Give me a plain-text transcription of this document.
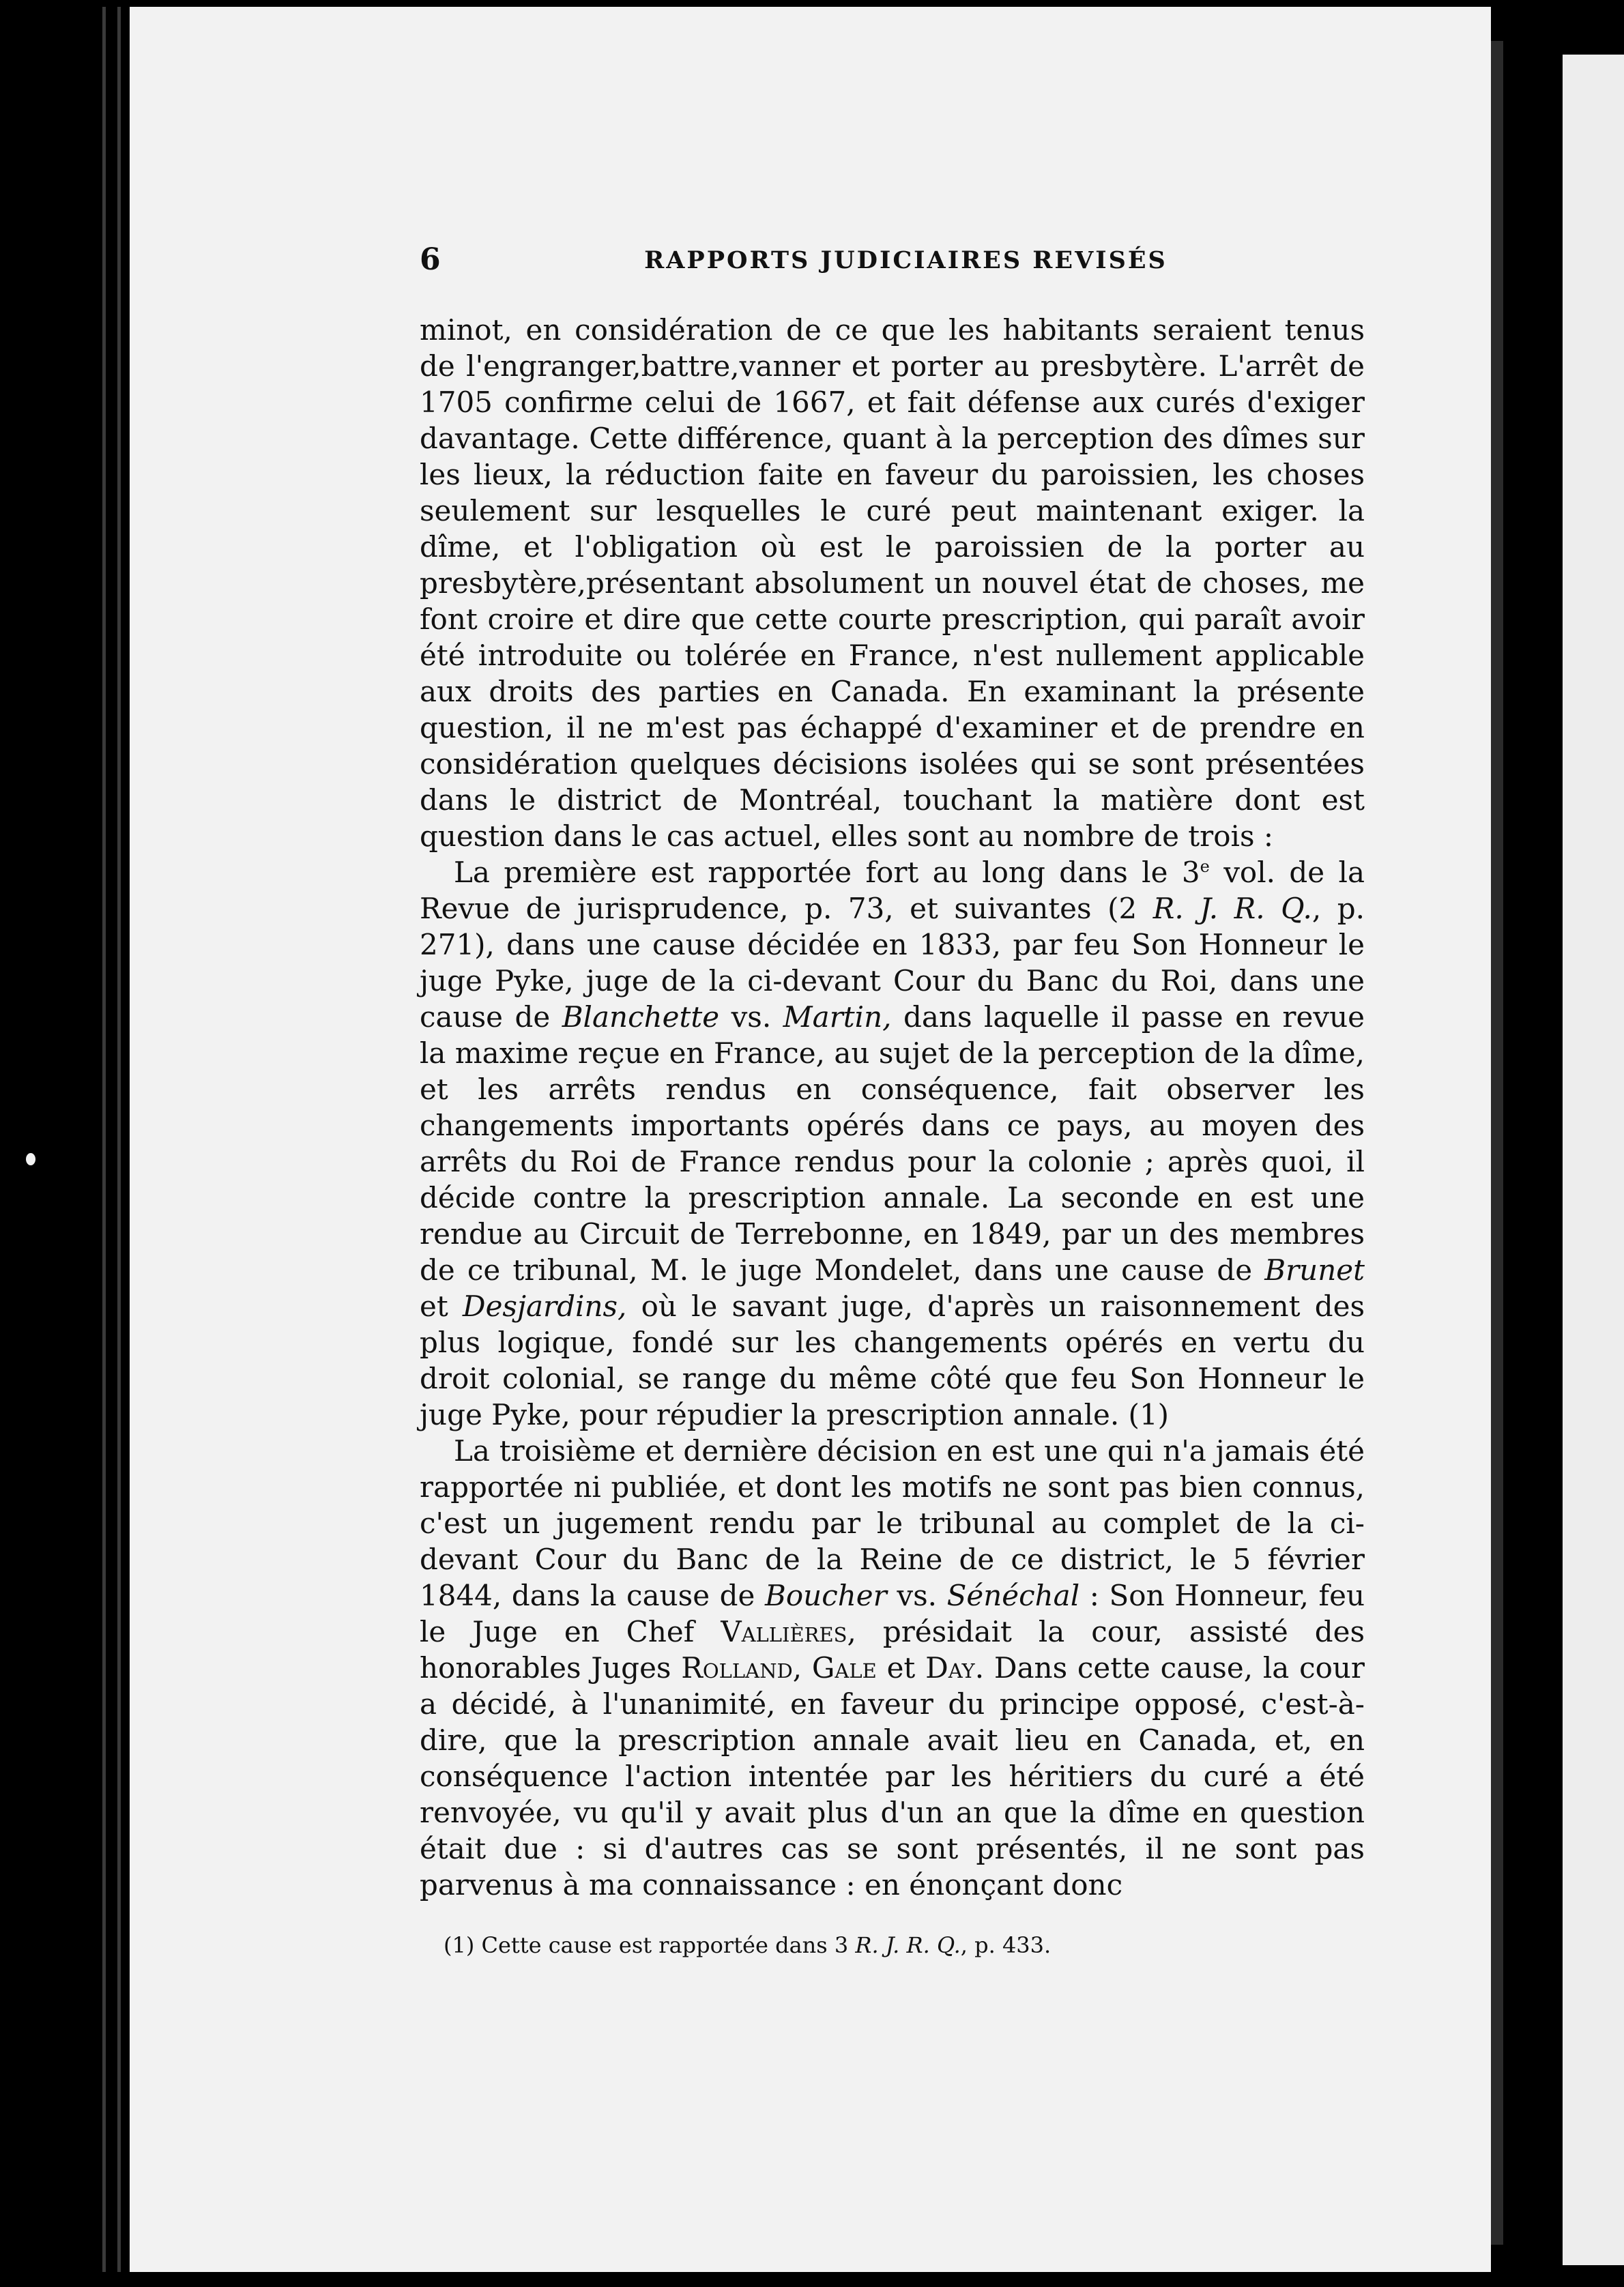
6	RAPPORTS JUDICIAIRES REVISÉS

minot, en considération de ce que les habitants seraient tenus de l'engranger,battre,vanner et porter au presbytère. L'arrêt de 1705 confirme celui de 1667, et fait défense aux curés d'exiger davantage. Cette différence, quant à la perception des dîmes sur les lieux, la réduction faite en faveur du paroissien, les choses seulement sur lesquelles le curé peut maintenant exiger. la dîme, et l'obligation où est le paroissien de la porter au presbytère,présentant absolument un nouvel état de choses, me font croire et dire que cette courte prescription, qui paraît avoir été introduite ou tolérée en France, n'est nullement applicable aux droits des parties en Canada. En examinant la présente question, il ne m'est pas échappé d'examiner et de prendre en considération quelques décisions isolées qui se sont présentées dans le district de Montréal, touchant la matière dont est question dans le cas actuel, elles sont au nombre de trois :

La première est rapportée fort au long dans le 3e vol. de la Revue de jurisprudence, p. 73, et suivantes (2 R. J. R. Q., p. 271), dans une cause décidée en 1833, par feu Son Honneur le juge Pyke, juge de la ci-devant Cour du Banc du Roi, dans une cause de Blanchette vs. Martin, dans laquelle il passe en revue la maxime reçue en France, au sujet de la perception de la dîme, et les arrêts rendus en conséquence, fait observer les changements importants opérés dans ce pays, au moyen des arrêts du Roi de France rendus pour la colonie ; après quoi, il décide contre la prescription annale. La seconde en est une rendue au Circuit de Terrebonne, en 1849, par un des membres de ce tribunal, M. le juge Mondelet, dans une cause de Brunet et Desjardins, où le savant juge, d'après un raisonnement des plus logique, fondé sur les changements opérés en vertu du droit colonial, se range du même côté que feu Son Honneur le juge Pyke, pour répudier la prescription annale. (1)

La troisième et dernière décision en est une qui n'a jamais été rapportée ni publiée, et dont les motifs ne sont pas bien connus, c'est un jugement rendu par le tribunal au complet de la ci-devant Cour du Banc de la Reine de ce district, le 5 février 1844, dans la cause de Boucher vs. Sénéchal : Son Honneur, feu le Juge en Chef Vallières, présidait la cour, assisté des honorables Juges Rolland, Gale et Day. Dans cette cause, la cour a décidé, à l'unanimité, en faveur du principe opposé, c'est-à-dire, que la prescription annale avait lieu en Canada, et, en conséquence l'action intentée par les héritiers du curé a été renvoyée, vu qu'il y avait plus d'un an que la dîme en question était due : si d'autres cas se sont présentés, il ne sont pas parvenus à ma connaissance : en énonçant donc

(1) Cette cause est rapportée dans 3 R. J. R. Q., p. 433.
